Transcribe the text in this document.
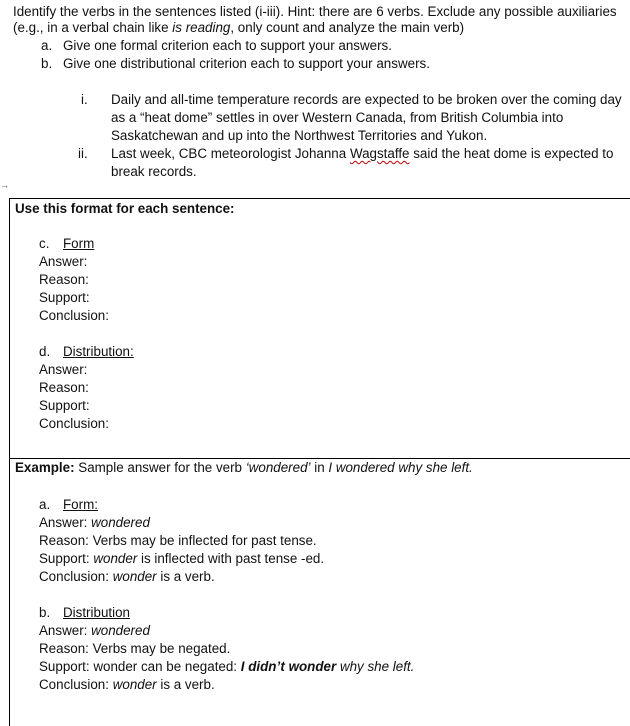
Identify the verbs in the sentences listed (i-iii). Hint: there are 6 verbs. Exclude any possible auxiliaries
(e.g., in a verbal chain like is reading, only count and analyze the main verb)
a. Give one formal criterion each to support your answers.
b. Give one distributional criterion each to support your answers.
i. Daily and all-time temperature records are expected to be broken over the coming day
as a “heat dome” settles in over Western Canada, from British Columbia into
Saskatchewan and up into the Northwest Territories and Yukon.
ii. Last week, CBC meteorologist Johanna Wagstaffe said the heat dome is expected to
break records.
→
Use this format for each sentence:
c. Form
Answer:
Reason:
Support:
Conclusion:
d. Distribution:
Answer:
Reason:
Support:
Conclusion:
Example: Sample answer for the verb ‘wondered’ in I wondered why she left.
a. Form:
Answer: wondered
Reason: Verbs may be inflected for past tense.
Support: wonder is inflected with past tense -ed.
Conclusion: wonder is a verb.
b. Distribution
Answer: wondered
Reason: Verbs may be negated.
Support: wonder can be negated: I didn’t wonder why she left.
Conclusion: wonder is a verb.
